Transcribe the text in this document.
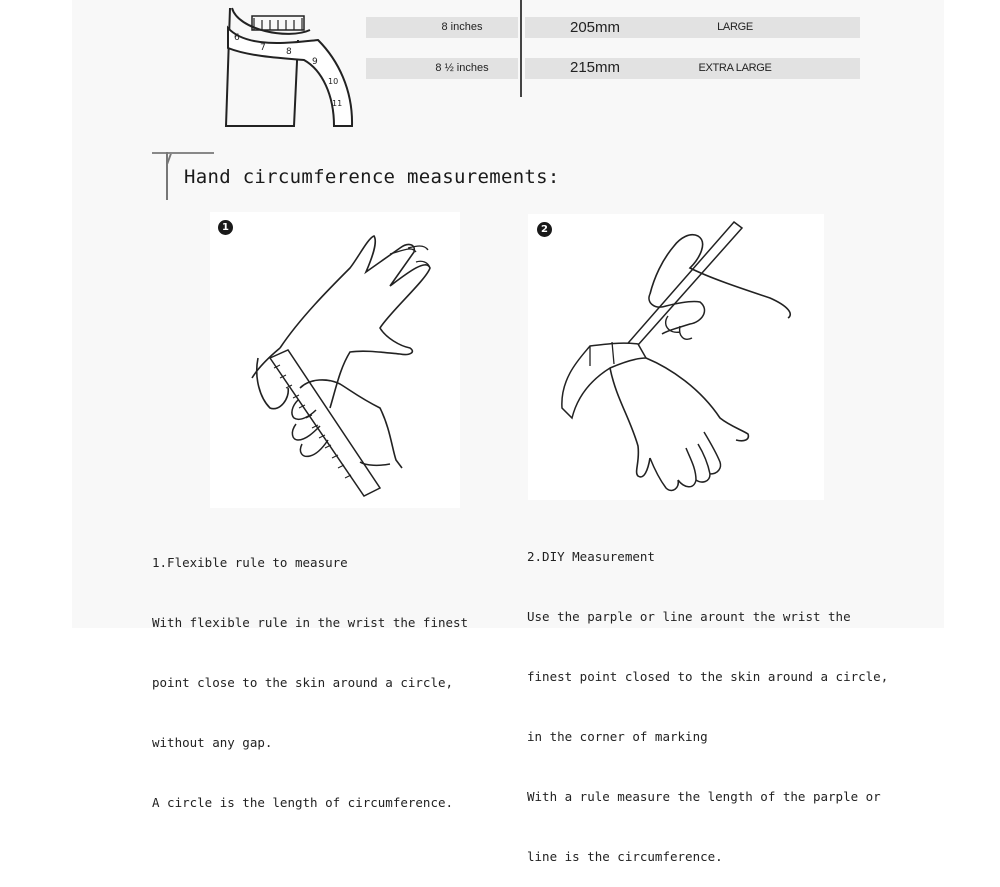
6
7 8
9
10
11
8 inches	205mm	LARGE
8 ½ inches	215mm	EXTRA LARGE
Hand circumference measurements:
1	2

1.Flexible rule to measure

With flexible rule in the wrist the finest

point close to the skin around a circle,

without any gap.

A circle is the length of circumference.

2.DIY Measurement

Use the parple or line arount the wrist the

finest point closed to the skin around a circle,

in the corner of marking

With a rule measure the length of the parple or

line is the circumference.
